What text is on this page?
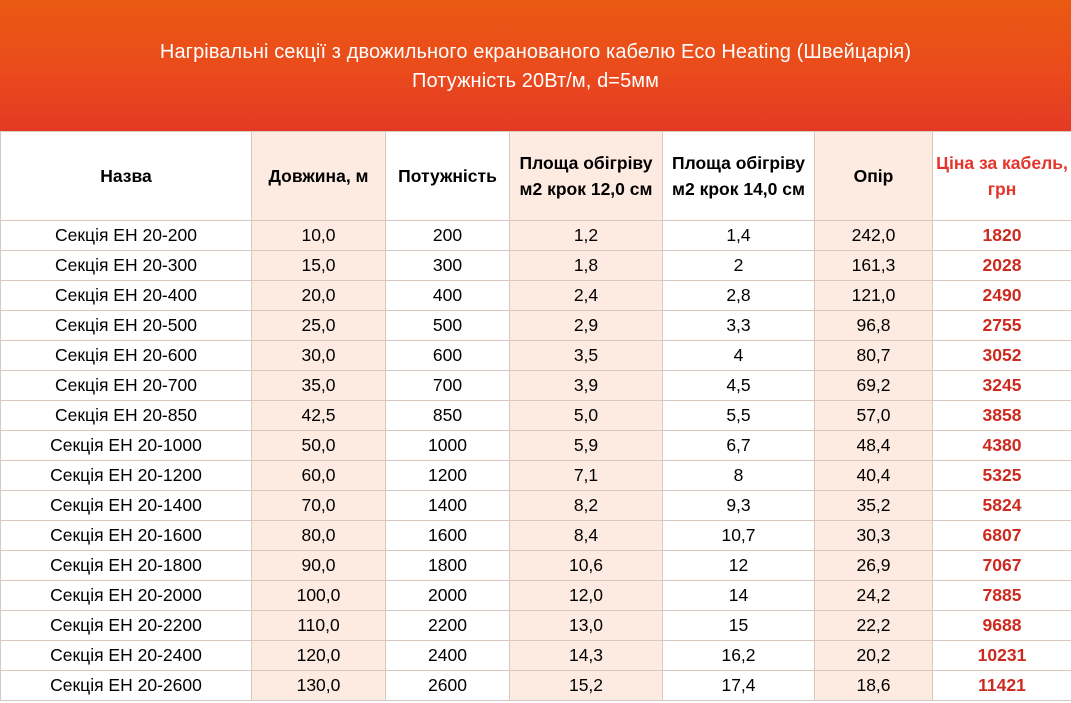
Нагрівальні секції з двожильного екранованого кабелю Eco Heating (Швейцарія)
Потужність 20Вт/м, d=5мм
Назва	Довжина, м	Потужність	Площа обігріву м2 крок 12,0 см	Площа обігріву м2 крок 14,0 см	Опір	Ціна за кабель, грн
Секція EH 20-200	10,0	200	1,2	1,4	242,0	1820
Секція EH 20-300	15,0	300	1,8	2	161,3	2028
Секція EH 20-400	20,0	400	2,4	2,8	121,0	2490
Секція EH 20-500	25,0	500	2,9	3,3	96,8	2755
Секція EH 20-600	30,0	600	3,5	4	80,7	3052
Секція EH 20-700	35,0	700	3,9	4,5	69,2	3245
Секція EH 20-850	42,5	850	5,0	5,5	57,0	3858
Секція EH 20-1000	50,0	1000	5,9	6,7	48,4	4380
Секція EH 20-1200	60,0	1200	7,1	8	40,4	5325
Секція EH 20-1400	70,0	1400	8,2	9,3	35,2	5824
Секція EH 20-1600	80,0	1600	8,4	10,7	30,3	6807
Секція EH 20-1800	90,0	1800	10,6	12	26,9	7067
Секція EH 20-2000	100,0	2000	12,0	14	24,2	7885
Секція EH 20-2200	110,0	2200	13,0	15	22,2	9688
Секція EH 20-2400	120,0	2400	14,3	16,2	20,2	10231
Секція EH 20-2600	130,0	2600	15,2	17,4	18,6	11421
